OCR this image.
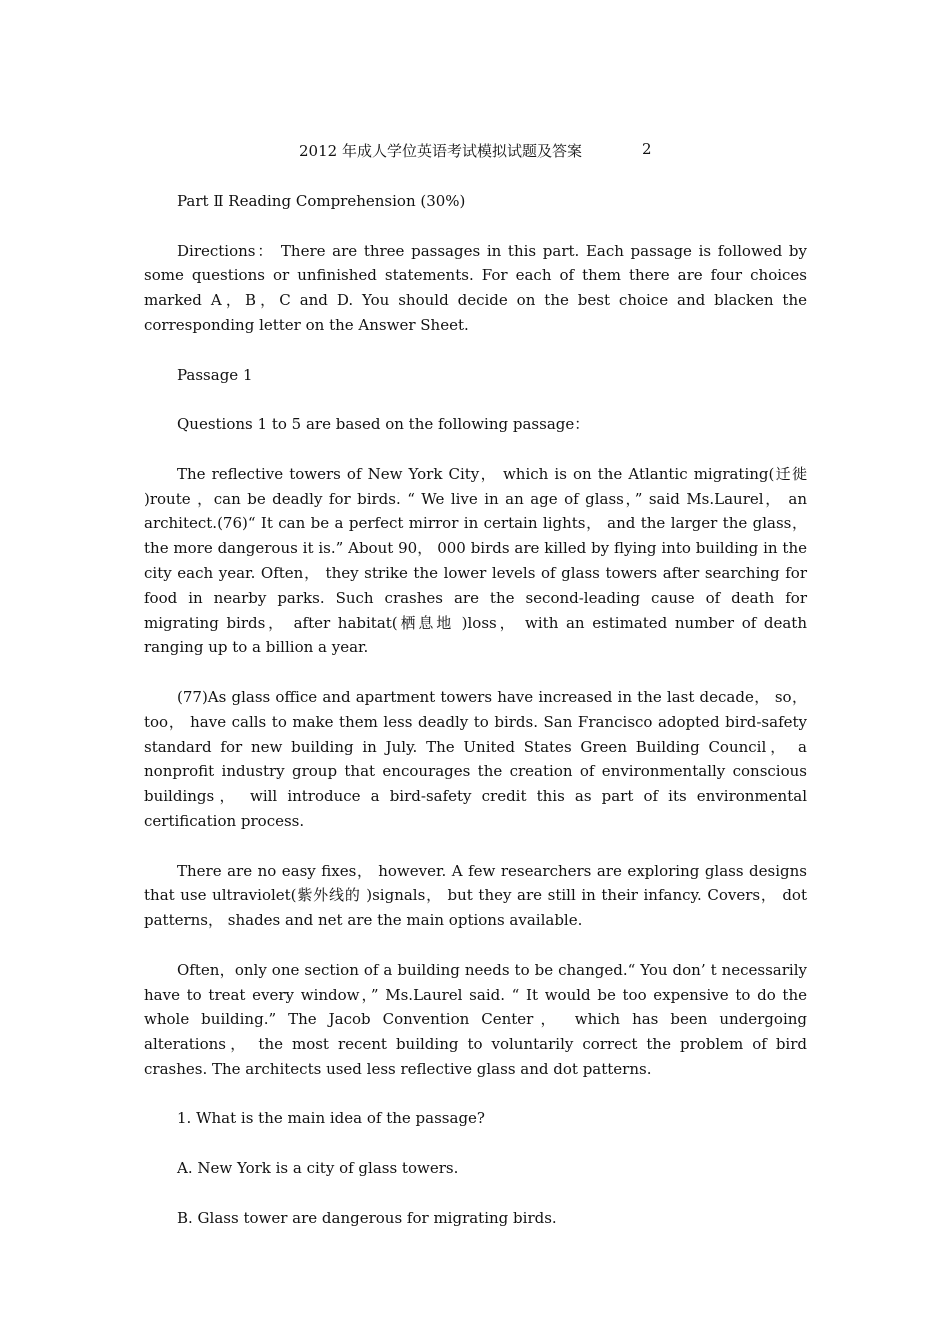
2012 年成人学位英语考试模拟试题及答案	2

Part Ⅱ Reading Comprehension (30%)

Directions： There are three passages in this part. Each passage is followed by some questions or unfinished statements. For each of them there are four choices marked A，B，C and D. You should decide on the best choice and blacken the corresponding letter on the Answer Sheet.

Passage 1

Questions 1 to 5 are based on the following passage：

The reflective towers of New York City， which is on the Atlantic migrating(迁徙 )route ，can be deadly for birds. “ We live in an age of glass，” said Ms.Laurel， an architect.(76)“ It can be a perfect mirror in certain lights， and the larger the glass， the more dangerous it is.” About 90， 000 birds are killed by flying into building in the city each year. Often， they strike the lower levels of glass towers after searching for food in nearby parks. Such crashes are the second-leading cause of death for migrating birds， after habitat(栖息地 )loss， with an estimated number of death ranging up to a billion a year.

(77)As glass office and apartment towers have increased in the last decade， so， too， have calls to make them less deadly to birds. San Francisco adopted bird-safety standard for new building in July. The United States Green Building Council， a nonprofit industry group that encourages the creation of environmentally conscious buildings， will introduce a bird-safety credit this as part of its environmental certification process.

There are no easy fixes， however. A few researchers are exploring glass designs that use ultraviolet(紫外线的 )signals， but they are still in their infancy. Covers， dot patterns， shades and net are the main options available.

Often，only one section of a building needs to be changed.“ You don’ t necessarily have to treat every window，” Ms.Laurel said. “ It would be too expensive to do the whole building.” The Jacob Convention Center， which has been undergoing alterations， the most recent building to voluntarily correct the problem of bird crashes. The architects used less reflective glass and dot patterns.

1. What is the main idea of the passage?

A. New York is a city of glass towers.

B. Glass tower are dangerous for migrating birds.
